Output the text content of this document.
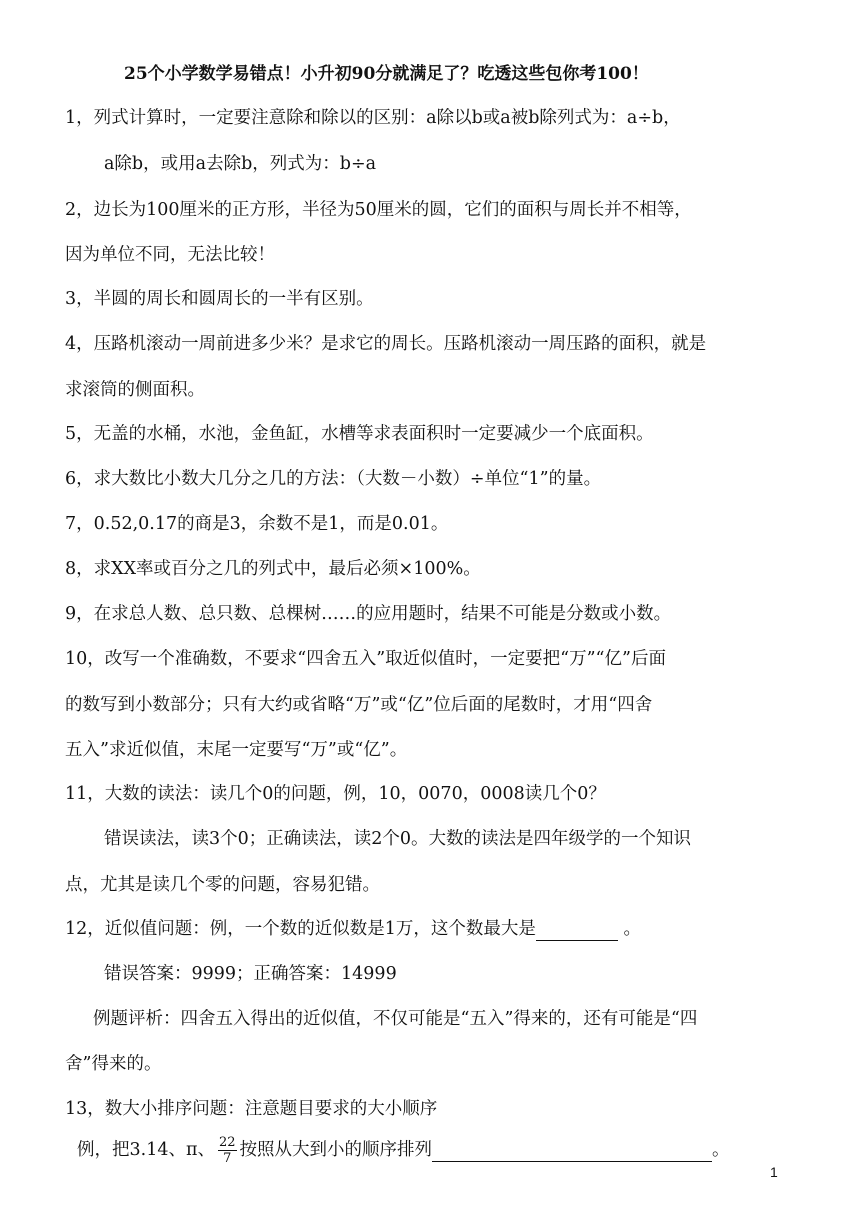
25个小学数学易错点！小升初90分就满足了？吃透这些包你考100！
1，列式计算时，一定要注意除和除以的区别：a除以b或a被b除列式为：a÷b，
a除b，或用a去除b，列式为：b÷a
2，边长为100厘米的正方形，半径为50厘米的圆，它们的面积与周长并不相等，
因为单位不同，无法比较！
3，半圆的周长和圆周长的一半有区别。
4，压路机滚动一周前进多少米？是求它的周长。压路机滚动一周压路的面积，就是
求滚筒的侧面积。
5，无盖的水桶，水池，金鱼缸，水槽等求表面积时一定要减少一个底面积。
6，求大数比小数大几分之几的方法：（大数－小数）÷单位“1”的量。
7，0.52,0.17的商是3，余数不是1，而是0.01。
8，求XX率或百分之几的列式中，最后必须×100%。
9，在求总人数、总只数、总棵树……的应用题时，结果不可能是分数或小数。
10，改写一个准确数，不要求“四舍五入”取近似值时，一定要把“万”“亿”后面
的数写到小数部分；只有大约或省略“万”或“亿”位后面的尾数时，才用“四舍
五入”求近似值，末尾一定要写“万”或“亿”。
11，大数的读法：读几个0的问题，例，10，0070，0008读几个0？
错误读法，读3个0；正确读法，读2个0。大数的读法是四年级学的一个知识
点，尤其是读几个零的问题，容易犯错。
12，近似值问题：例，一个数的近似数是1万，这个数最大是	。
错误答案：9999；正确答案：14999
例题评析：四舍五入得出的近似值，不仅可能是“五入”得来的，还有可能是“四
舍”得来的。
13，数大小排序问题：注意题目要求的大小顺序
例，把3.14、π、 $\frac{22}{7}$ 按照从大到小的顺序排列	。
1
